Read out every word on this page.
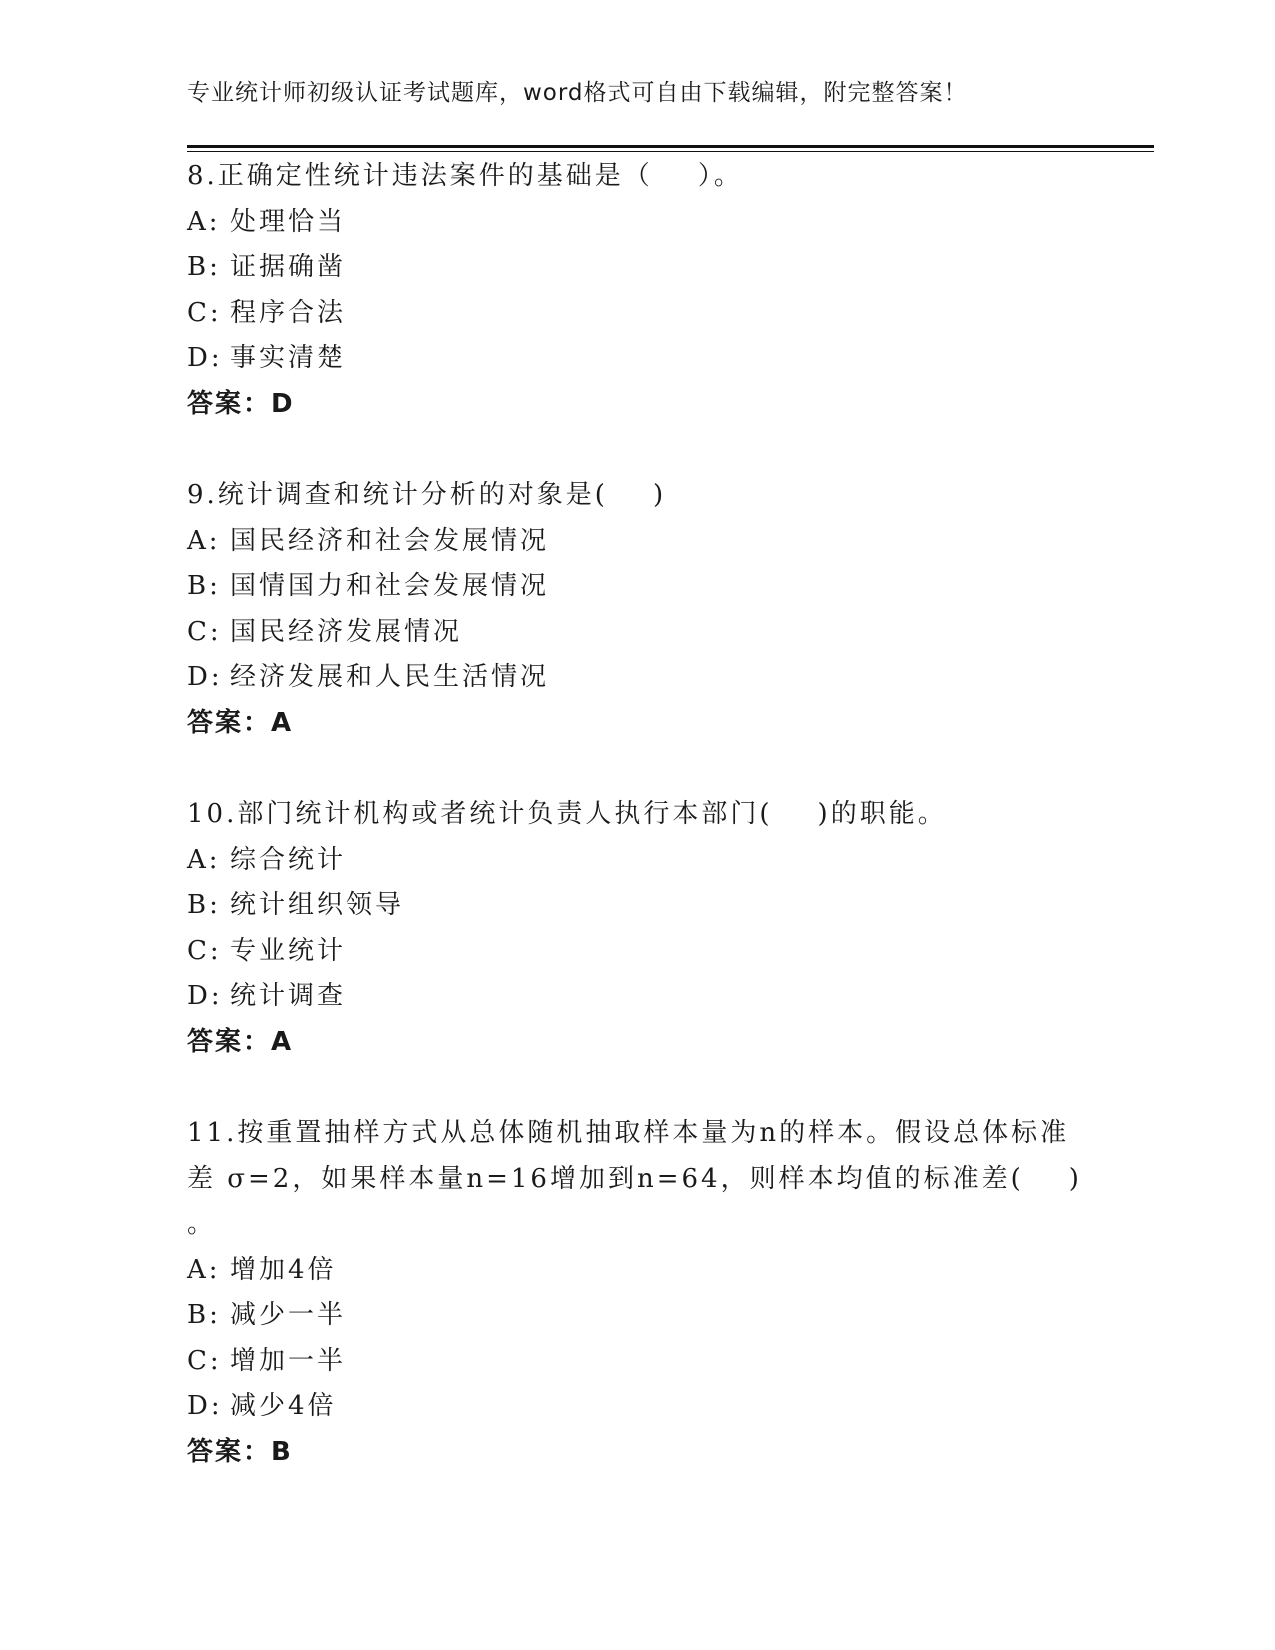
专业统计师初级认证考试题库，word格式可自由下载编辑，附完整答案！
8.正确定性统计违法案件的基础是（    ）。
A: 处理恰当
B: 证据确凿
C: 程序合法
D: 事实清楚
答案：D
9.统计调查和统计分析的对象是(    )
A: 国民经济和社会发展情况
B: 国情国力和社会发展情况
C: 国民经济发展情况
D: 经济发展和人民生活情况
答案：A
10.部门统计机构或者统计负责人执行本部门(    )的职能。
A: 综合统计
B: 统计组织领导
C: 专业统计
D: 统计调查
答案：A
11.按重置抽样方式从总体随机抽取样本量为n的样本。假设总体标准
差 σ=2，如果样本量n=16增加到n=64，则样本均值的标准差(    )
。
A: 增加4倍
B: 减少一半
C: 增加一半
D: 减少4倍
答案：B
